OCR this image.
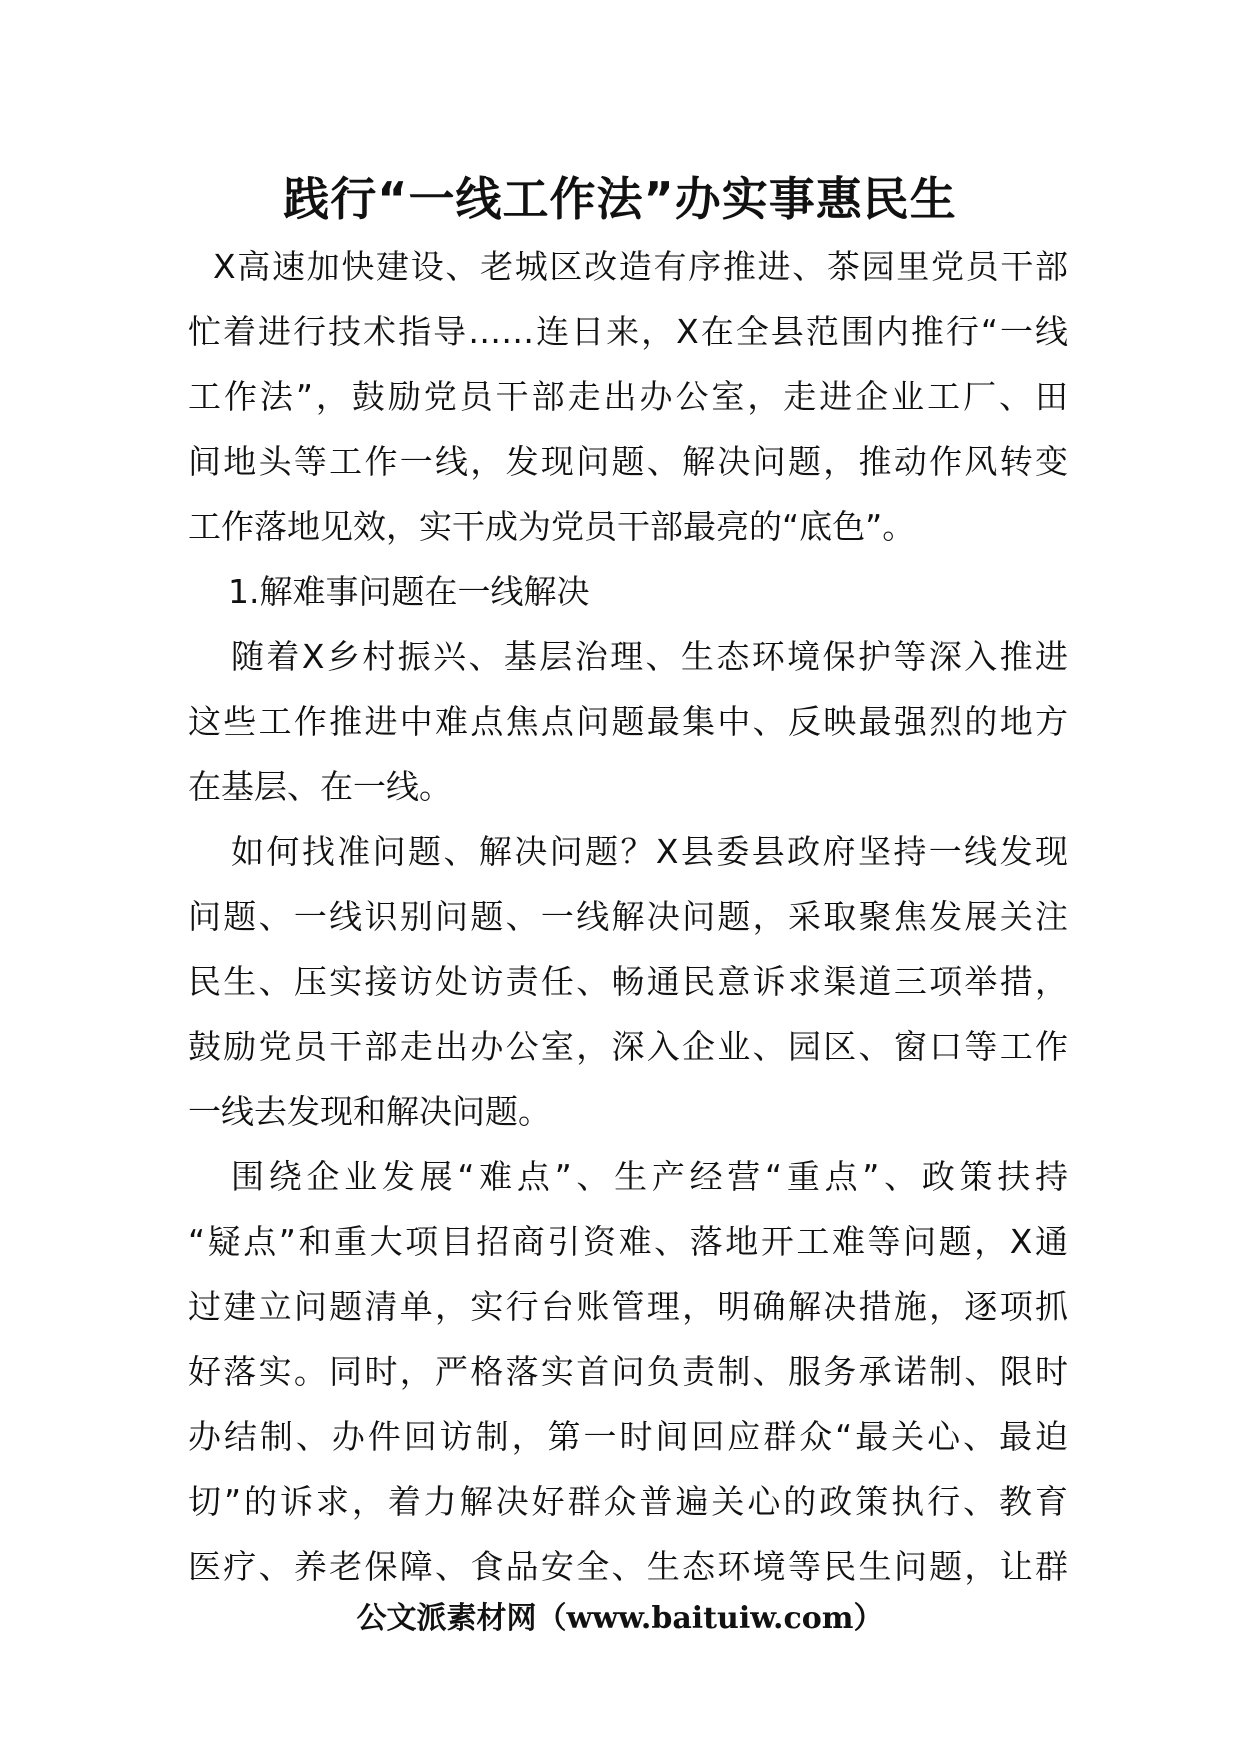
践行“一线工作法”办实事惠民生
X高速加快建设、老城区改造有序推进、茶园里党员干部
忙着进行技术指导……连日来，X在全县范围内推行“一线
工作法”，鼓励党员干部走出办公室，走进企业工厂、田
间地头等工作一线，发现问题、解决问题，推动作风转变
工作落地见效，实干成为党员干部最亮的“底色”。
1.解难事问题在一线解决
随着X乡村振兴、基层治理、生态环境保护等深入推进
这些工作推进中难点焦点问题最集中、反映最强烈的地方
在基层、在一线。
如何找准问题、解决问题？X县委县政府坚持一线发现
问题、一线识别问题、一线解决问题，采取聚焦发展关注
民生、压实接访处访责任、畅通民意诉求渠道三项举措，
鼓励党员干部走出办公室，深入企业、园区、窗口等工作
一线去发现和解决问题。
围绕企业发展“难点”、生产经营“重点”、政策扶持
“疑点”和重大项目招商引资难、落地开工难等问题，X通
过建立问题清单，实行台账管理，明确解决措施，逐项抓
好落实。同时，严格落实首问负责制、服务承诺制、限时
办结制、办件回访制，第一时间回应群众“最关心、最迫
切”的诉求，着力解决好群众普遍关心的政策执行、教育
医疗、养老保障、食品安全、生态环境等民生问题，让群
公文派素材网（www.baituiw.com）
